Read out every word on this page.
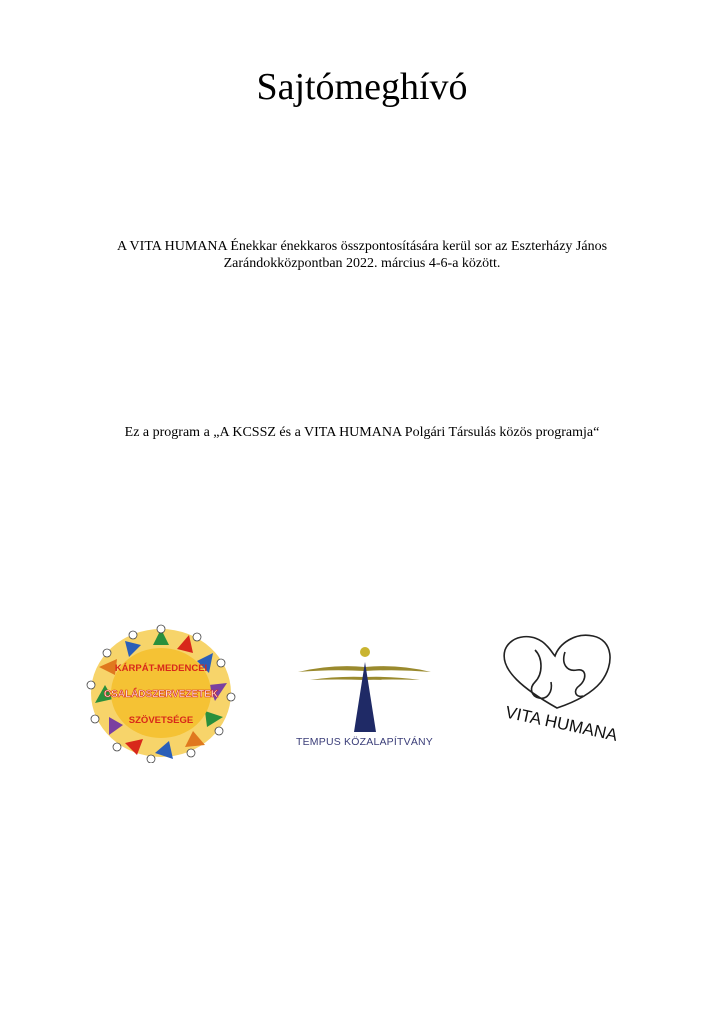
Sajtómeghívó
A VITA HUMANA Énekkar énekkaros összpontosítására kerül sor az Eszterházy János
Zarándokközpontban 2022. március 4-6-a között.
Ez a program a „A KCSSZ és a VITA HUMANA Polgári Társulás közös programja“
KÁRPÁT-MEDENCEI
CSALÁDSZERVEZETEK
SZÖVETSÉGE
TEMPUS KÖZALAPÍTVÁNY	VITA HUMANA
